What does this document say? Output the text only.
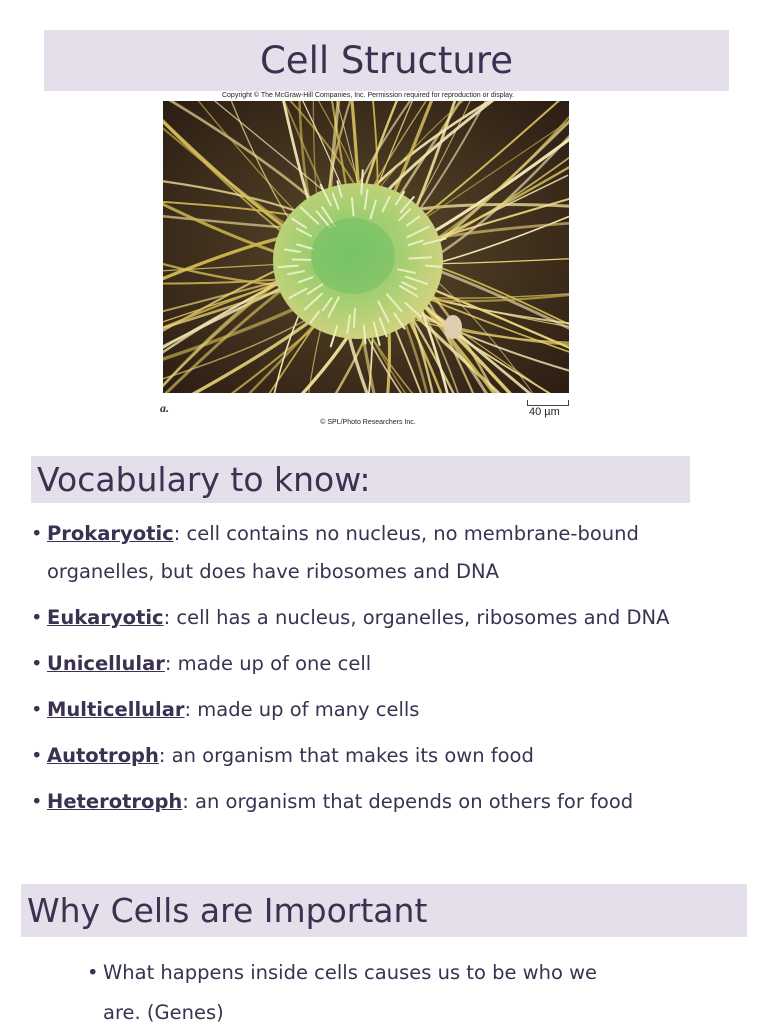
Cell Structure
Copyright © The McGraw-Hill Companies, Inc. Permission required for reproduction or display.
a.	40 µm
© SPL/Photo Researchers Inc.
Vocabulary to know:
• Prokaryotic: cell contains no nucleus, no membrane-bound organelles, but does have ribosomes and DNA
• Eukaryotic: cell has a nucleus, organelles, ribosomes and DNA
• Unicellular: made up of one cell
• Multicellular: made up of many cells
• Autotroph: an organism that makes its own food
• Heterotroph: an organism that depends on others for food
Why Cells are Important
• What happens inside cells causes us to be who we are. (Genes)
